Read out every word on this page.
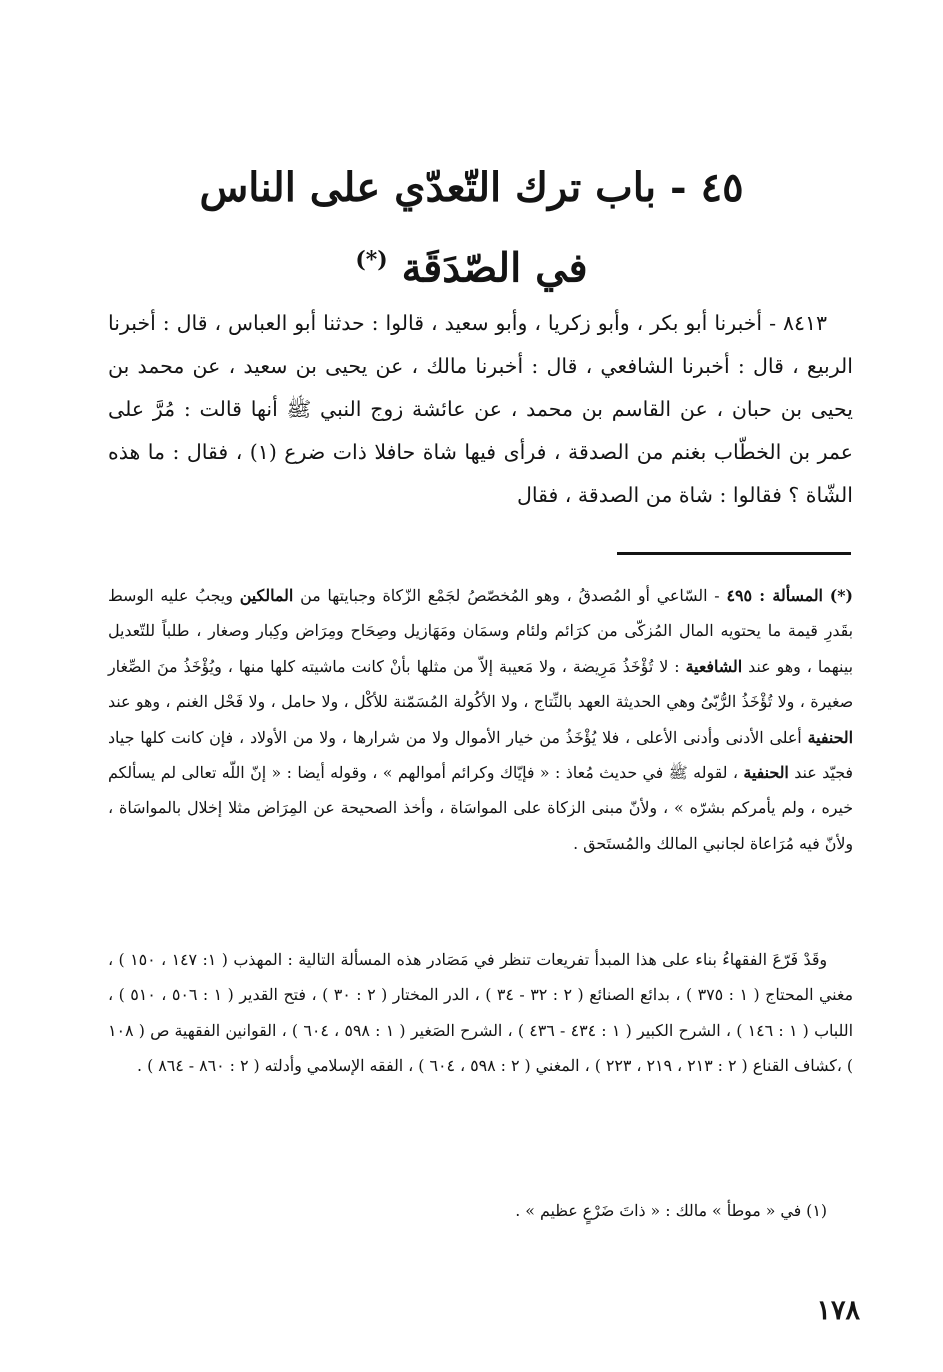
٤٥ - باب ترك التّعدّي على الناس
في الصّدَقَة (*)

٨٤١٣ - أخبرنا أبو بكر ، وأبو زكريا ، وأبو سعيد ، قالوا : حدثنا أبو العباس ، قال : أخبرنا الربيع ، قال : أخبرنا الشافعي ، قال : أخبرنا مالك ، عن يحيى بن سعيد ، عن محمد بن يحيى بن حبان ، عن القاسم بن محمد ، عن عائشة زوج النبي ﷺ أنها قالت : مُرَّ على عمر بن الخطّاب بغنم من الصدقة ، فرأى فيها شاة حافلا ذات ضرع (١) ، فقال : ما هذه الشّاة ؟ فقالوا : شاة من الصدقة ، فقال

(*) المسألة : ٤٩٥ - السّاعي أو المُصدقُ ، وهو المُخصّصُ لجَمْع الزّكاة وجبايتها من المالكين ويجبُ عليه الوسط بقَدرِ قيمة ما يحتويه المال المُزكّى من كرَائم ولئام وسمَان ومَهَازيل وصِحَاح ومِرَاض وكِبار وصغار ، طلباً للتّعديل بينهما ، وهو عند الشافعية : لا تُؤْخَذُ مَرِيضة ، ولا مَعيبة إلاّ من مثلها بأنْ كانت ماشيته كلها منها ، ويُؤْخَذُ منَ الصِّغار صغيرة ، ولا تُؤْخَذُ الرُّبّىُ وهي الحديثة العهد بالنِّتاج ، ولا الأكُولة المُسَمّنة للأكْل ، ولا حامل ، ولا فَحْل الغنم ، وهو عند الحنفية أعلى الأدنى وأدنى الأعلى ، فلا يُؤْخَذُ من خيار الأموال ولا من شرارها ، ولا من الأولاد ، فإن كانت كلها جياد فجيّد عند الحنفية ، لقوله ﷺ في حديث مُعاذ : « فإيّاك وكرائم أموالهم » ، وقوله أيضا : « إنّ اللّه تعالى لم يسألكم خيره ، ولم يأمركم بشرّه » ، ولأنّ مبنى الزكاة على المواسَاة ، وأخذ الصحيحة عن المِرَاض مثلا إخلال بالمواسَاة ، ولأنّ فيه مُرَاعاة لجانبي المالك والمُستَحق .

وقَدْ فَرّعَ الفقهاءُ بناء على هذا المبدأ تفريعات تنظر في مَصَادر هذه المسألة التالية : المهذب ( ١: ١٤٧ ، ١٥٠ ) ، مغني المحتاج ( ١ : ٣٧٥ ) ، بدائع الصنائع ( ٢ : ٣٢ - ٣٤ ) ، الدر المختار ( ٢ : ٣٠ ) ، فتح القدير ( ١ : ٥٠٦ ، ٥١٠ ) ، اللباب ( ١ : ١٤٦ ) ، الشرح الكبير ( ١ : ٤٣٤ - ٤٣٦ ) ، الشرح الصَغير ( ١ : ٥٩٨ ، ٦٠٤ ) ، القوانين الفقهية ص ( ١٠٨ ) ،كشاف القناع ( ٢ : ٢١٣ ، ٢١٩ ، ٢٢٣ ) ، المغني ( ٢ : ٥٩٨ ، ٦٠٤ ) ، الفقه الإسلامي وأدلته ( ٢ : ٨٦٠ - ٨٦٤ ) .

(١) في « موطأ » مالك : « ذاتَ ضَرْعٍ عظيم » .

١٧٨
